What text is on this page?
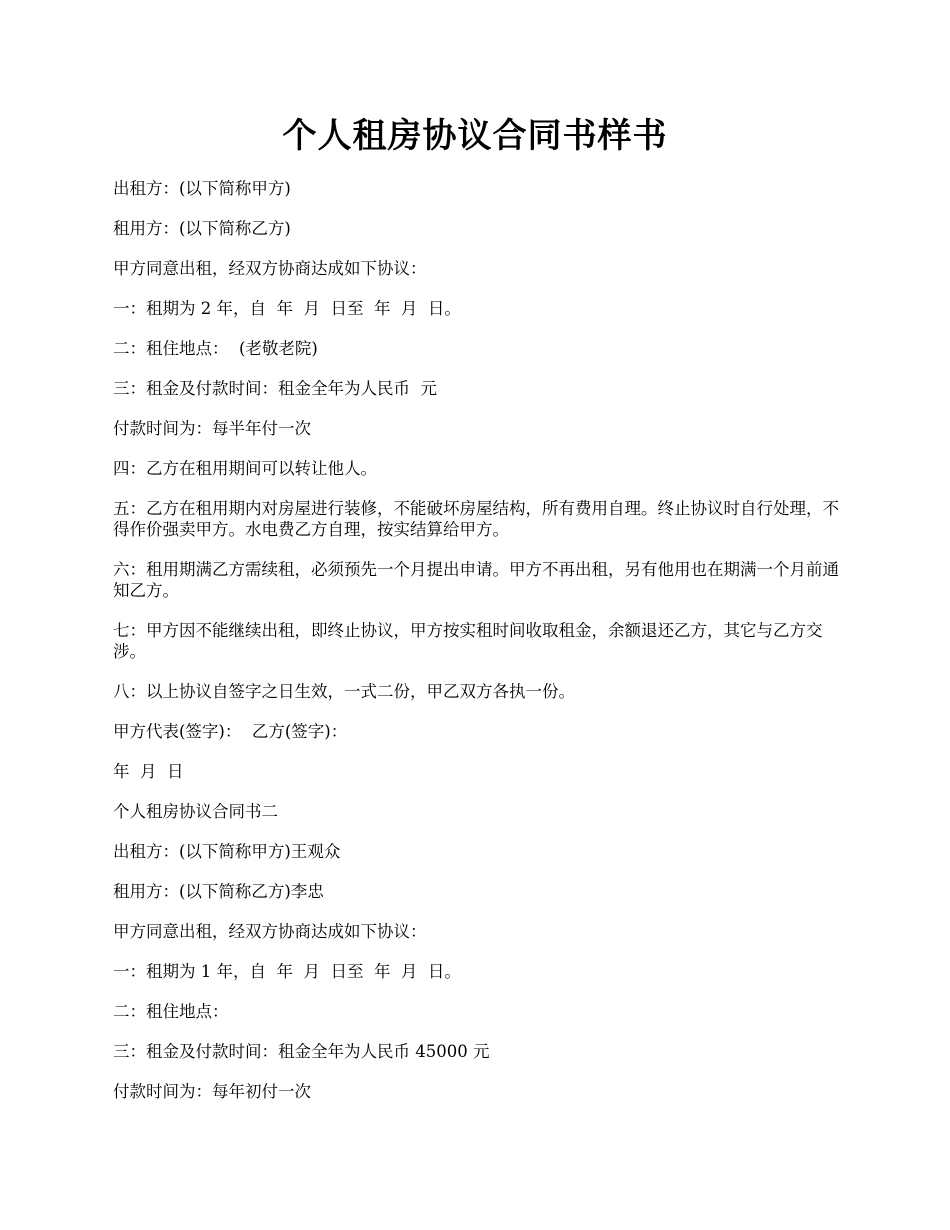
个人租房协议合同书样书

出租方：(以下简称甲方)

租用方：(以下简称乙方)

甲方同意出租，经双方协商达成如下协议：

一：租期为 2 年，自  年  月  日至  年  月  日。

二：租住地点：  (老敬老院)

三：租金及付款时间：租金全年为人民币  元

付款时间为：每半年付一次

四：乙方在租用期间可以转让他人。

五：乙方在租用期内对房屋进行装修，不能破坏房屋结构，所有费用自理。终止协议时自行处理，不得作价强卖甲方。水电费乙方自理，按实结算给甲方。

六：租用期满乙方需续租，必须预先一个月提出申请。甲方不再出租，另有他用也在期满一个月前通知乙方。

七：甲方因不能继续出租，即终止协议，甲方按实租时间收取租金，余额退还乙方，其它与乙方交涉。

八：以上协议自签字之日生效，一式二份，甲乙双方各执一份。

甲方代表(签字)：  乙方(签字)：

年  月  日

个人租房协议合同书二

出租方：(以下简称甲方)王观众

租用方：(以下简称乙方)李忠

甲方同意出租，经双方协商达成如下协议：

一：租期为 1 年，自  年  月  日至  年  月  日。

二：租住地点：

三：租金及付款时间：租金全年为人民币 45000 元

付款时间为：每年初付一次
